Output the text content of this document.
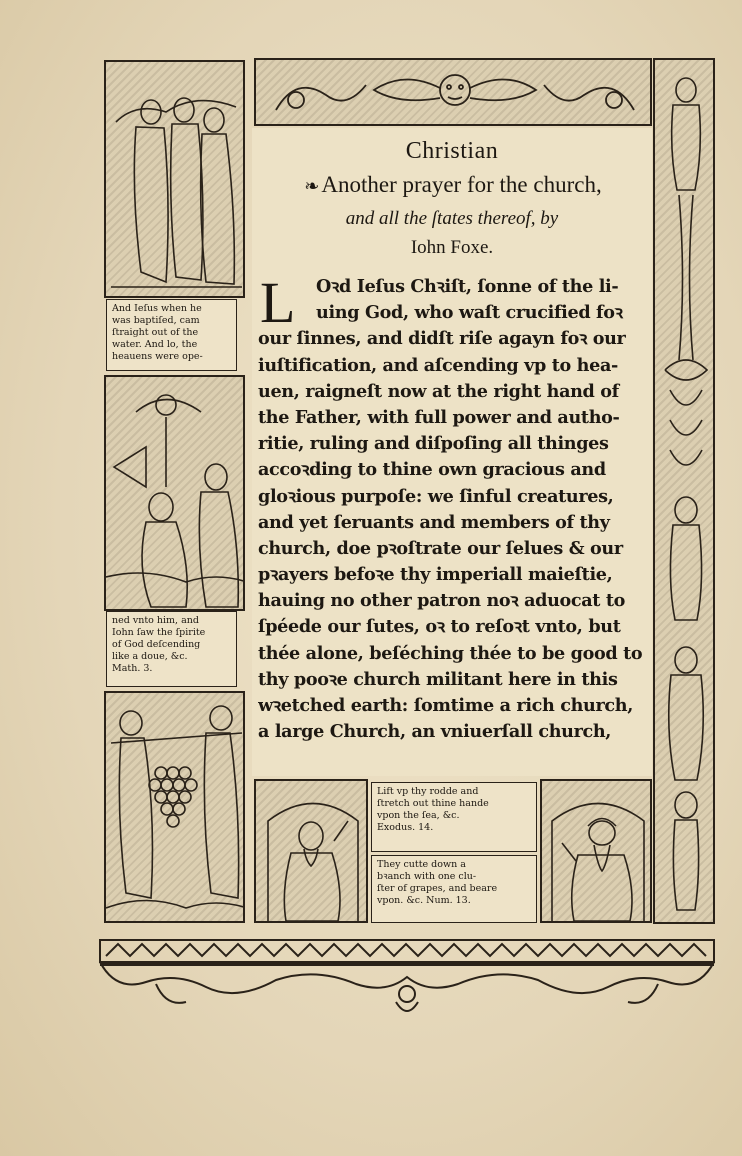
And Ieſus when he
was baptiſed, cam
ſtraight out of the
water. And lo, the
heauens were ope-
ned vnto him, and
Iohn ſaw the ſpirite
of God deſcending
like a doue, &c.
Math. 3.
Lift vp thy rodde and
ſtretch out thine hande
vpon the ſea, &c.
Exodus. 14.
They cutte down a
bꝛanch with one clu-
ſter of grapes, and beare
vpon. &c. Num. 13.
Christian
❧Another prayer for the church,
and all the ſtates thereof, by
Iohn Foxe.
L	Oꝛd Ieſus Chꝛiſt, ſonne of the li-
uing God, who waſt crucified foꝛ
our ſinnes, and didſt riſe agayn foꝛ our
iuſtification, and aſcending vp to hea-
uen, raigneſt now at the right hand of
the Father, with full power and autho-
ritie, ruling and diſpoſing all thinges
accoꝛding to thine own gracious and
gloꝛious purpoſe: we ſinful creatures,
and yet ſeruants and members of thy
church, doe pꝛoſtrate our ſelues & our
pꝛayers befoꝛe thy imperiall maieſtie,
hauing no other patron noꝛ aduocat to
ſpéede our ſutes, oꝛ to reſoꝛt vnto, but
thée alone, beſéching thée to be good to
thy pooꝛe church militant here in this
wꝛetched earth: ſomtime a rich church,
a large Church, an vniuerſall church,
